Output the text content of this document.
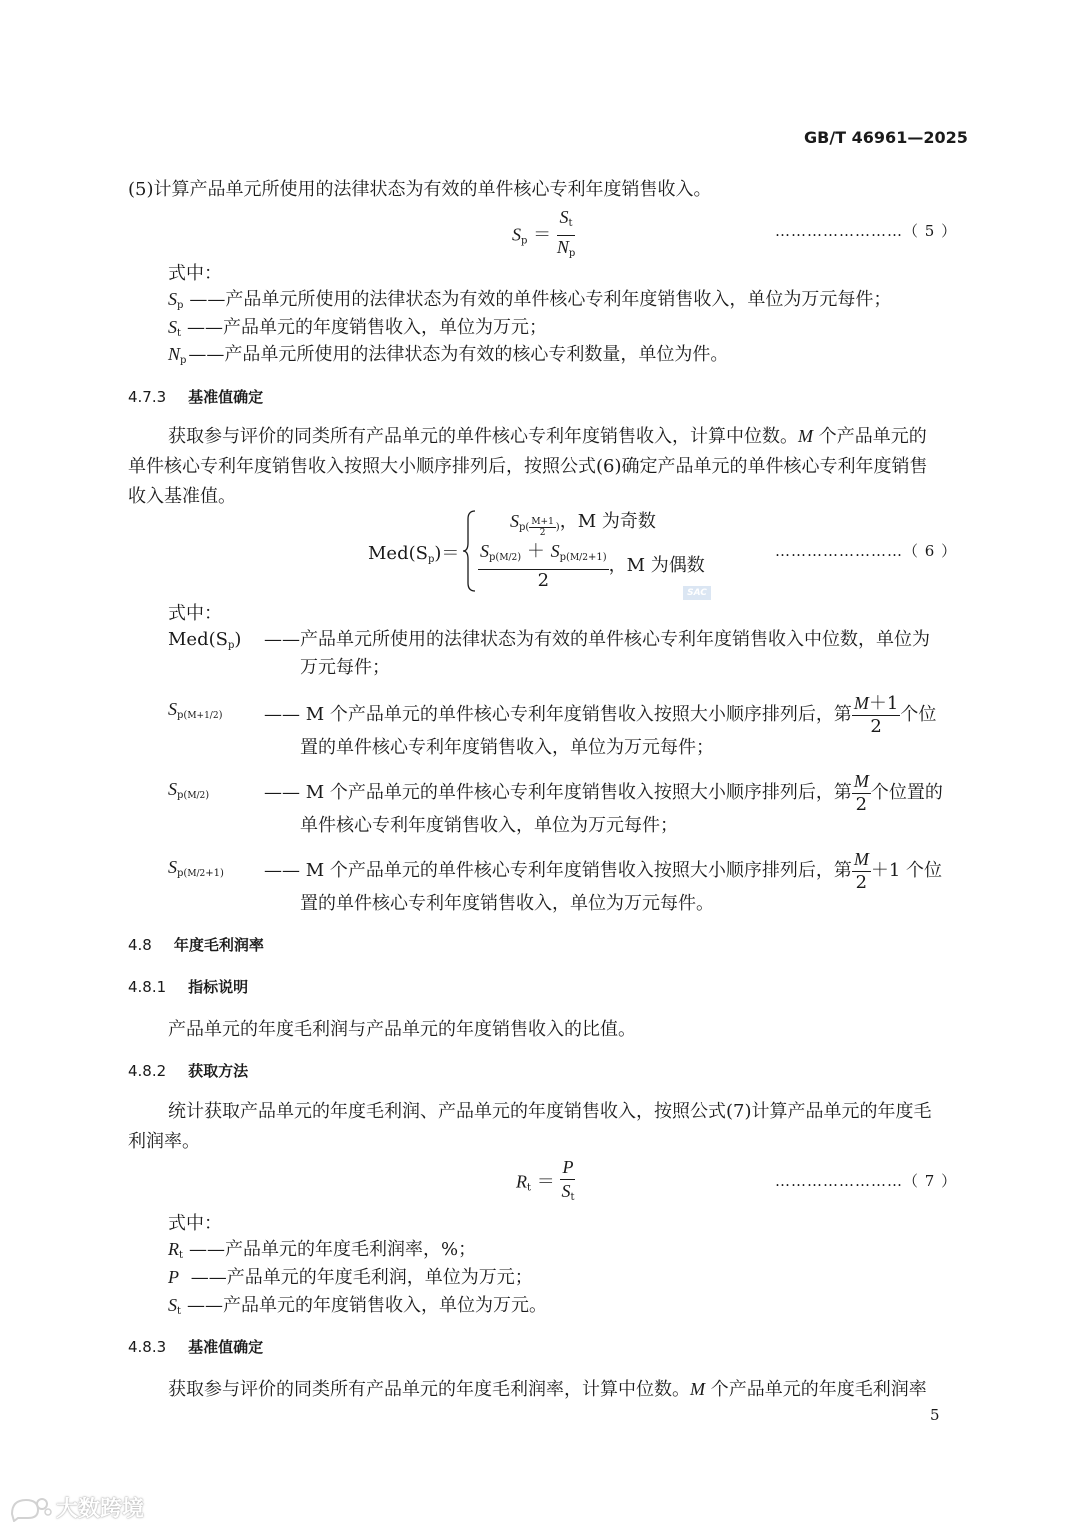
GB/T 46961—2025
(5)计算产品单元所使用的法律状态为有效的单件核心专利年度销售收入。
$S_p = \frac{S_t}{N_p}$	……………………（ 5 ）
式中：
$S_p$ ——产品单元所使用的法律状态为有效的单件核心专利年度销售收入，单位为万元每件；
$S_t$ ——产品单元的年度销售收入，单位为万元；
$N_p$ ——产品单元所使用的法律状态为有效的核心专利数量，单位为件。
4.7.3 基准值确定
获取参与评价的同类所有产品单元的单件核心专利年度销售收入，计算中位数。M 个产品单元的
单件核心专利年度销售收入按照大小顺序排列后，按照公式(6)确定产品单元的单件核心专利年度销售
收入基准值。
$Med(S_p)=$
$S_{p( \frac{M+1}{2} )}$，M 为奇数
$\frac{S_{p(M/2)} + S_{p(M/2+1)}}{2}$ ，M 为偶数
……………………（ 6 ）
SAC
式中：
$Med(S_p)$ ——产品单元所使用的法律状态为有效的单件核心专利年度销售收入中位数，单位为
万元每件；
$S_{p(M+1/2)}$ —— M 个产品单元的单件核心专利年度销售收入按照大小顺序排列后，第 $\frac{M+1}{2}$ 个位
置的单件核心专利年度销售收入，单位为万元每件；
$S_{p(M/2)}$	—— M 个产品单元的单件核心专利年度销售收入按照大小顺序排列后，第 $\frac{M}{2}$ 个位置的
单件核心专利年度销售收入，单位为万元每件；
$S_{p(M/2+1)}$ —— M 个产品单元的单件核心专利年度销售收入按照大小顺序排列后，第 $\frac{M}{2} +1$ 个位
置的单件核心专利年度销售收入，单位为万元每件。
4.8 年度毛利润率
4.8.1 指标说明
产品单元的年度毛利润与产品单元的年度销售收入的比值。
4.8.2 获取方法
统计获取产品单元的年度毛利润、产品单元的年度销售收入，按照公式(7)计算产品单元的年度毛
利润率。
$R_t = \frac{P}{S_t}$	……………………（ 7 ）
式中：
$R_t$ ——产品单元的年度毛利润率，%；
P ——产品单元的年度毛利润，单位为万元；
$S_t$ ——产品单元的年度销售收入，单位为万元。
4.8.3 基准值确定
获取参与评价的同类所有产品单元的年度毛利润率，计算中位数。M 个产品单元的年度毛利润率
5
大数跨境
